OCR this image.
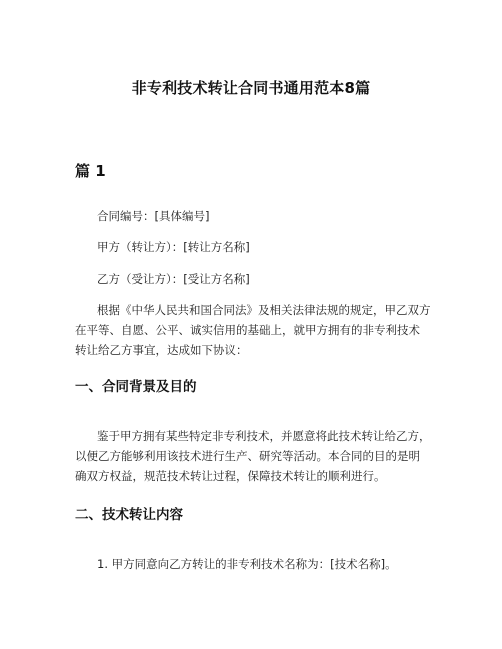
非专利技术转让合同书通用范本8篇
篇 1
合同编号：[具体编号]
甲方（转让方）：[转让方名称]
乙方（受让方）：[受让方名称]
根据《中华人民共和国合同法》及相关法律法规的规定，甲乙双方
在平等、自愿、公平、诚实信用的基础上，就甲方拥有的非专利技术
转让给乙方事宜，达成如下协议：
一、合同背景及目的
鉴于甲方拥有某些特定非专利技术，并愿意将此技术转让给乙方，
以便乙方能够利用该技术进行生产、研究等活动。本合同的目的是明
确双方权益，规范技术转让过程，保障技术转让的顺利进行。
二、技术转让内容
1. 甲方同意向乙方转让的非专利技术名称为：[技术名称]。
